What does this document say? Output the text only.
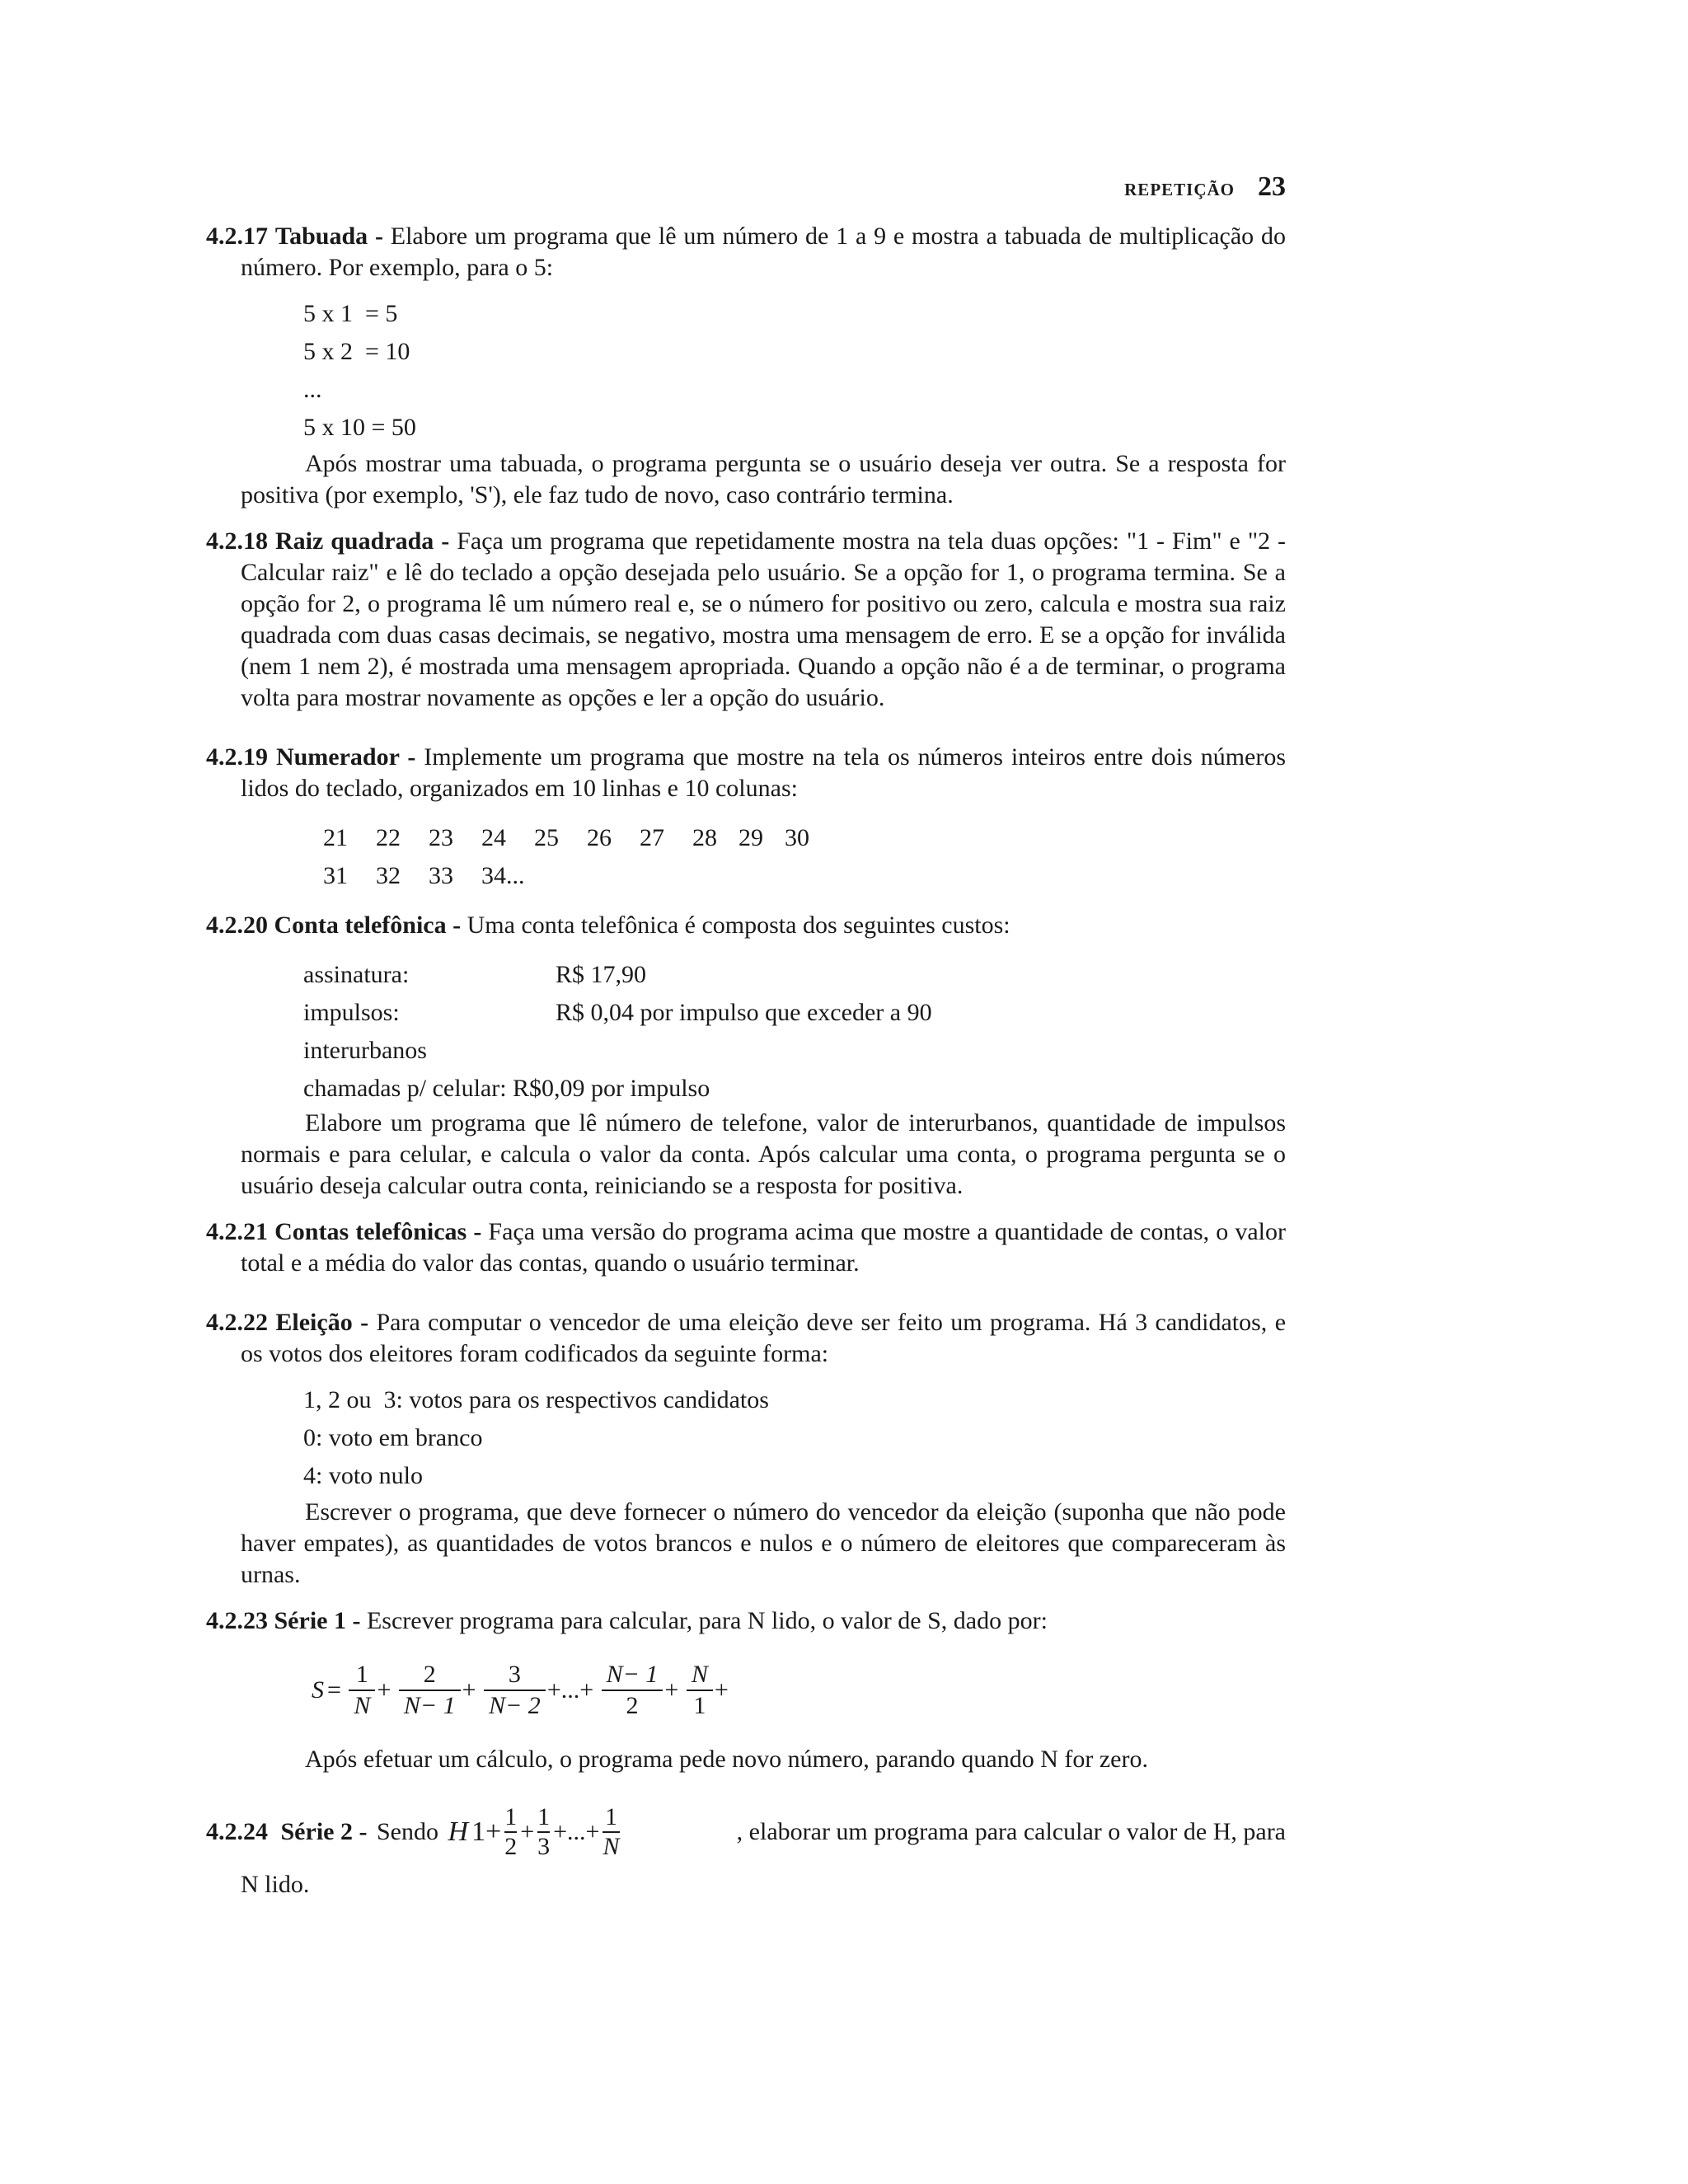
REPETIÇÃO 23

4.2.17 Tabuada - Elabore um programa que lê um número de 1 a 9 e mostra a tabuada de multiplicação do número. Por exemplo, para o 5:

5 x 1  = 5
5 x 2  = 10
...
5 x 10 = 50

Após mostrar uma tabuada, o programa pergunta se o usuário deseja ver outra. Se a resposta for positiva (por exemplo, 'S'), ele faz tudo de novo, caso contrário termina.

4.2.18 Raiz quadrada - Faça um programa que repetidamente mostra na tela duas opções: "1 - Fim" e "2 - Calcular raiz" e lê do teclado a opção desejada pelo usuário. Se a opção for 1, o programa termina. Se a opção for 2, o programa lê um número real e, se o número for positivo ou zero, calcula e mostra sua raiz quadrada com duas casas decimais, se negativo, mostra uma mensagem de erro. E se a opção for inválida (nem 1 nem 2), é mostrada uma mensagem apropriada. Quando a opção não é a de terminar, o programa volta para mostrar novamente as opções e ler a opção do usuário.

4.2.19 Numerador - Implemente um programa que mostre na tela os números inteiros entre dois números lidos do teclado, organizados em 10 linhas e 10 colunas:

21	22	23	24	25	26	27	28 29 30
31	32	33	34...

4.2.20 Conta telefônica - Uma conta telefônica é composta dos seguintes custos:

assinatura:	R$ 17,90
impulsos:	R$ 0,04 por impulso que exceder a 90
interurbanos
chamadas p/ celular: R$0,09 por impulso

Elabore um programa que lê número de telefone, valor de interurbanos, quantidade de impulsos normais e para celular, e calcula o valor da conta. Após calcular uma conta, o programa pergunta se o usuário deseja calcular outra conta, reiniciando se a resposta for positiva.

4.2.21 Contas telefônicas - Faça uma versão do programa acima que mostre a quantidade de contas, o valor total e a média do valor das contas, quando o usuário terminar.

4.2.22 Eleição - Para computar o vencedor de uma eleição deve ser feito um programa. Há 3 candidatos, e os votos dos eleitores foram codificados da seguinte forma:

1, 2 ou  3: votos para os respectivos candidatos
0: voto em branco
4: voto nulo

Escrever o programa, que deve fornecer o número do vencedor da eleição (suponha que não pode haver empates), as quantidades de votos brancos e nulos e o número de eleitores que compareceram às urnas.

4.2.23 Série 1 - Escrever programa para calcular, para N lido, o valor de S, dado por:

$S = \frac{1}{N} + \frac{2}{N- 1} + \frac{3}{N- 2}$ +...+ $\frac{N- 1}{2} + \frac{N}{1}$ +

Após efetuar um cálculo, o programa pede novo número, parando quando N for zero.

4.2.24
Série 2 - Sendo H $1+ \frac{1}{2} + \frac{1}{3}$ +...+ $\frac{1}{N}$	, elaborar um programa para calcular o valor de H, para
N lido.
